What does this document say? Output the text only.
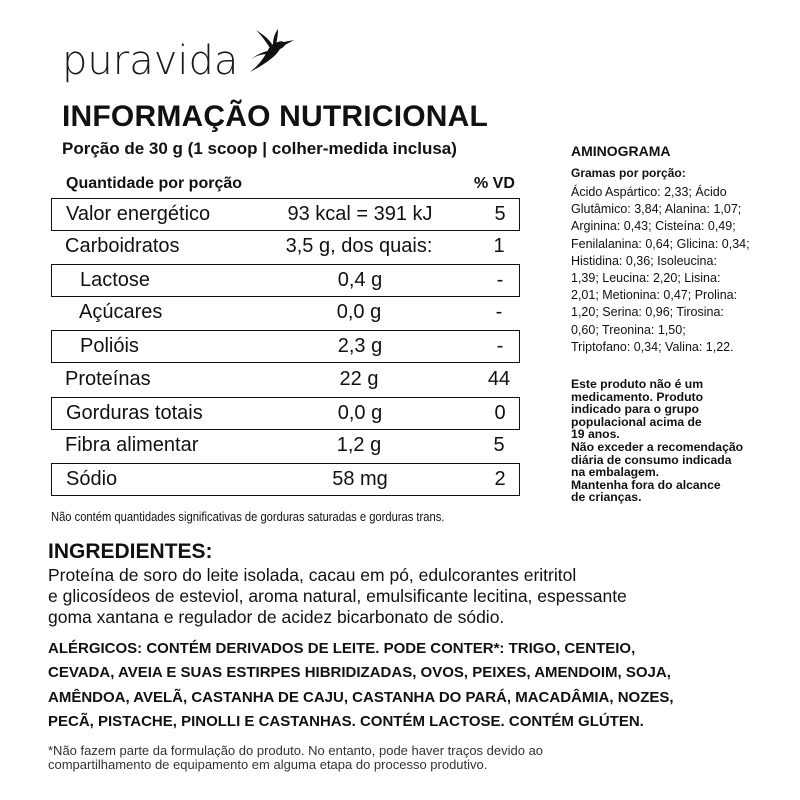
puravida
INFORMAÇÃO NUTRICIONAL
Porção de 30 g (1 scoop | colher-medida inclusa)
Quantidade por porção	% VD
Valor energético	93 kcal = 391 kJ	5
Carboidratos	3,5 g, dos quais:	1
Lactose	0,4 g	-
Açúcares	0,0 g	-
Polióis	2,3 g	-
Proteínas	22 g	44
Gorduras totais	0,0 g	0
Fibra alimentar	1,2 g	5
Sódio	58 mg	2
Não contém quantidades significativas de gorduras saturadas e gorduras trans.
AMINOGRAMA
Gramas por porção:
Ácido Aspártico: 2,33; Ácido
Glutâmico: 3,84; Alanina: 1,07;
Arginina: 0,43; Cisteína: 0,49;
Fenilalanina: 0,64; Glicina: 0,34;
Histidina: 0,36; Isoleucina:
1,39; Leucina: 2,20; Lisina:
2,01; Metionina: 0,47; Prolina:
1,20; Serina: 0,96; Tirosina:
0,60; Treonina: 1,50;
Triptofano: 0,34; Valina: 1,22.
Este produto não é um
medicamento. Produto
indicado para o grupo
populacional acima de
19 anos.
Não exceder a recomendação
diária de consumo indicada
na embalagem.
Mantenha fora do alcance
de crianças.
INGREDIENTES:
Proteína de soro do leite isolada, cacau em pó, edulcorantes eritritol
e glicosídeos de esteviol, aroma natural, emulsificante lecitina, espessante
goma xantana e regulador de acidez bicarbonato de sódio.
ALÉRGICOS: CONTÉM DERIVADOS DE LEITE. PODE CONTER*: TRIGO, CENTEIO,
CEVADA, AVEIA E SUAS ESTIRPES HIBRIDIZADAS, OVOS, PEIXES, AMENDOIM, SOJA,
AMÊNDOA, AVELÃ, CASTANHA DE CAJU, CASTANHA DO PARÁ, MACADÂMIA, NOZES,
PECÃ, PISTACHE, PINOLLI E CASTANHAS. CONTÉM LACTOSE. CONTÉM GLÚTEN.
*Não fazem parte da formulação do produto. No entanto, pode haver traços devido ao
compartilhamento de equipamento em alguma etapa do processo produtivo.
